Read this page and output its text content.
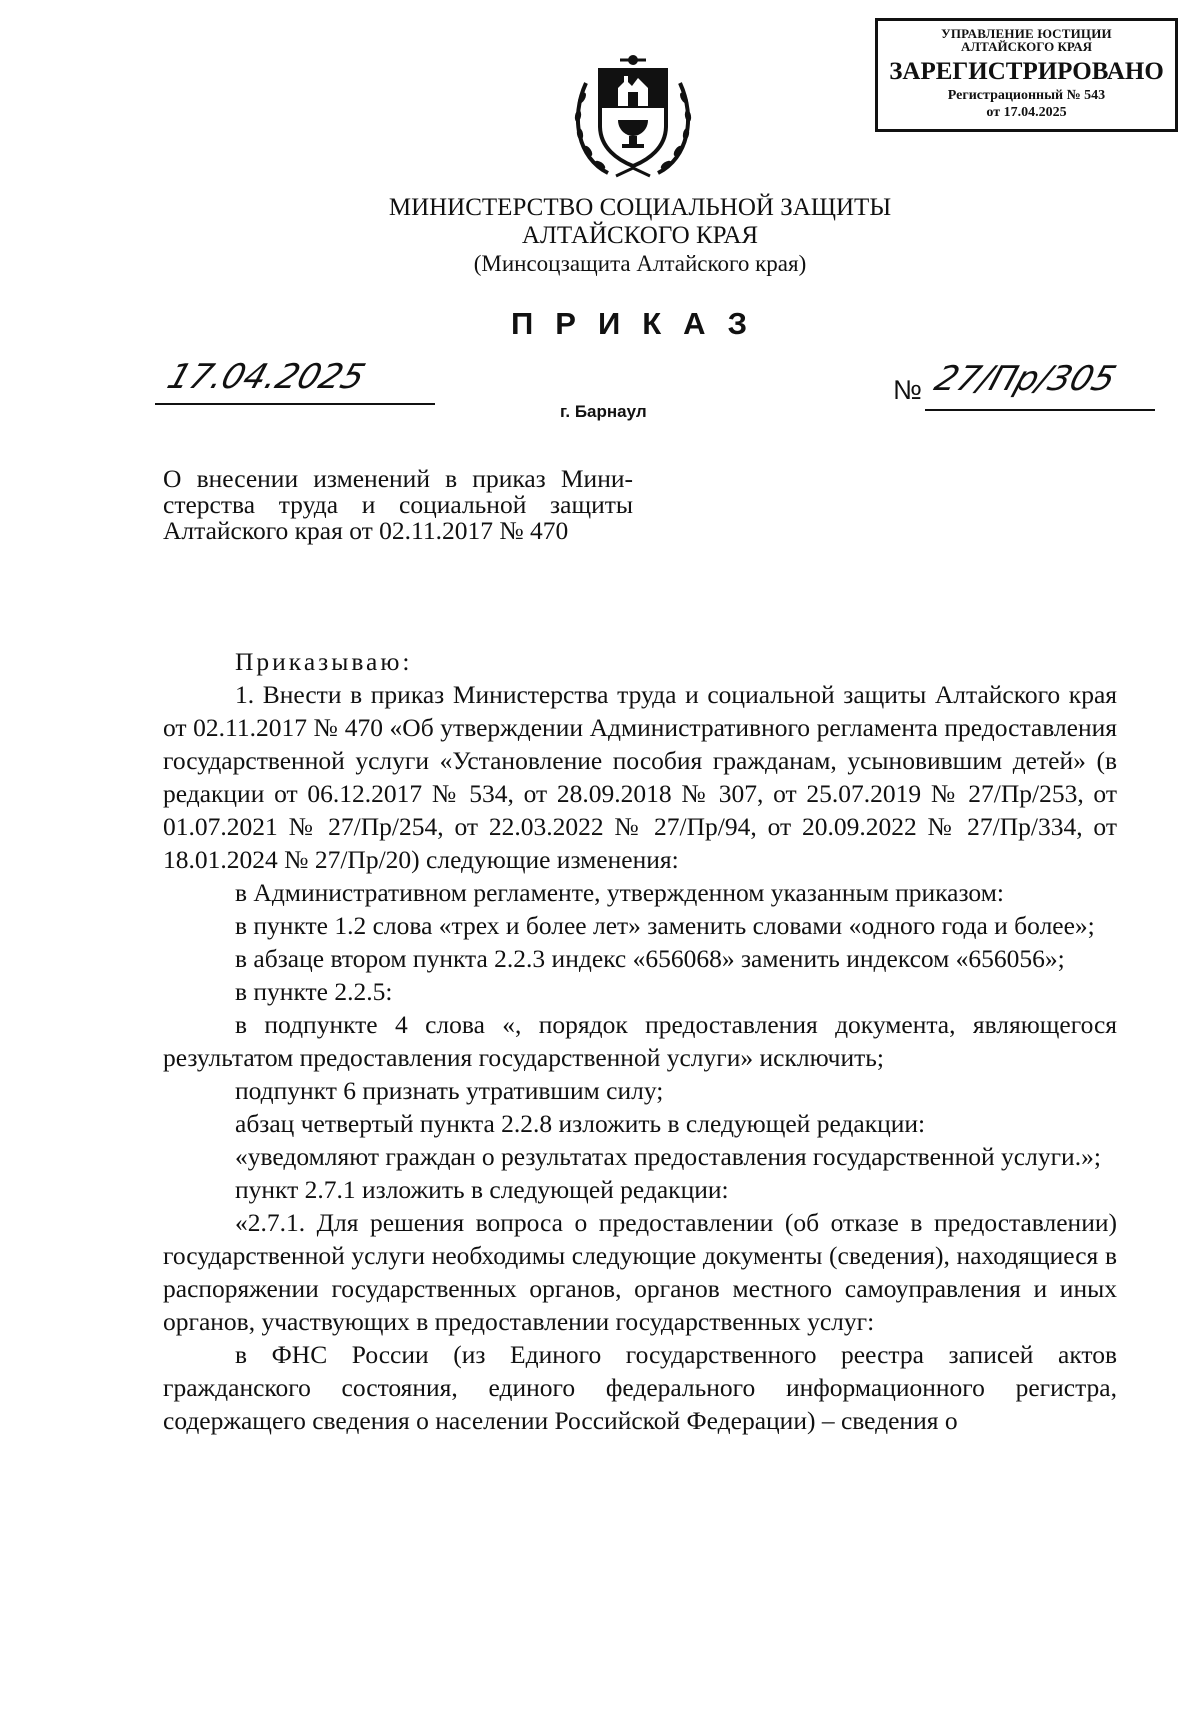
УПРАВЛЕНИЕ ЮСТИЦИИ
АЛТАЙСКОГО КРАЯ
ЗАРЕГИСТРИРОВАНО
Регистрационный № 543
от 17.04.2025
МИНИСТЕРСТВО СОЦИАЛЬНОЙ ЗАЩИТЫ
АЛТАЙСКОГО КРАЯ
(Минсоцзащита Алтайского края)
ПРИКАЗ
17.04.2025	№ 27/Пр/305
г. Барнаул
О внесении изменений в приказ Мини-
стерства труда и социальной защиты
Алтайского края от 02.11.2017 № 470

Приказываю:

1. Внести в приказ Министерства труда и социальной защиты Алтайского края от 02.11.2017 № 470 «Об утверждении Административного регламента предоставления государственной услуги «Установление пособия гражданам, усыновившим детей» (в редакции от 06.12.2017 № 534, от 28.09.2018 № 307, от 25.07.2019 № 27/Пр/253, от 01.07.2021 № 27/Пр/254, от 22.03.2022 № 27/Пр/94, от 20.09.2022 № 27/Пр/334, от 18.01.2024 № 27/Пр/20) следующие изменения:

в Административном регламенте, утвержденном указанным приказом:

в пункте 1.2 слова «трех и более лет» заменить словами «одного года и более»;

в абзаце втором пункта 2.2.3 индекс «656068» заменить индексом «656056»;

в пункте 2.2.5:

в подпункте 4 слова «, порядок предоставления документа, являющегося результатом предоставления государственной услуги» исключить;

подпункт 6 признать утратившим силу;

абзац четвертый пункта 2.2.8 изложить в следующей редакции:

«уведомляют граждан о результатах предоставления государственной услуги.»;

пункт 2.7.1 изложить в следующей редакции:

«2.7.1. Для решения вопроса о предоставлении (об отказе в предоставлении) государственной услуги необходимы следующие документы (сведения), находящиеся в распоряжении государственных органов, органов местного самоуправления и иных органов, участвующих в предоставлении государственных услуг:

в ФНС России (из Единого государственного реестра записей актов гражданского состояния, единого федерального информационного регистра, содержащего сведения о населении Российской Федерации) – сведения о
